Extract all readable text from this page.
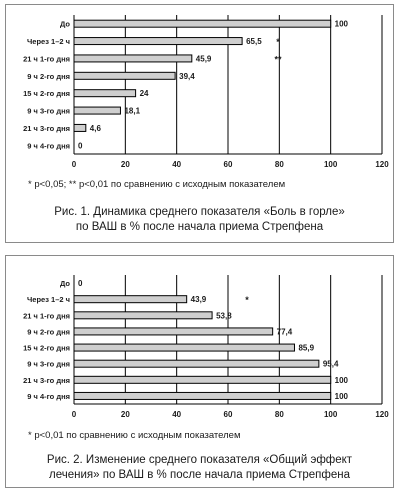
0	20	40	60	80	100	120
До	100
Через 1–2 ч	65,5 *
21 ч 1-го дня	45,9	**
9 ч 2-го дня	39,4
15 ч 2-го дня	24
9 ч 3-го дня	18,1
21 ч 3-го дня 4,6
9 ч 4-го дня 0
* p<0,05; ** p<0,01 по сравнению с исходным показателем
Рис. 1. Динамика среднего показателя «Боль в горле»
по ВАШ в % после начала приема Стрепфена
0	20	40	60	80	100	120
До 0
Через 1–2 ч	43,9	*
21 ч 1-го дня	53,8
9 ч 2-го дня	77,4
15 ч 2-го дня	85,9
9 ч 3-го дня	95,4
21 ч 3-го дня	100
9 ч 4-го дня	100
* p<0,01 по сравнению с исходным показателем
Рис. 2. Изменение среднего показателя «Общий эффект
лечения» по ВАШ в % после начала приема Стрепфена
